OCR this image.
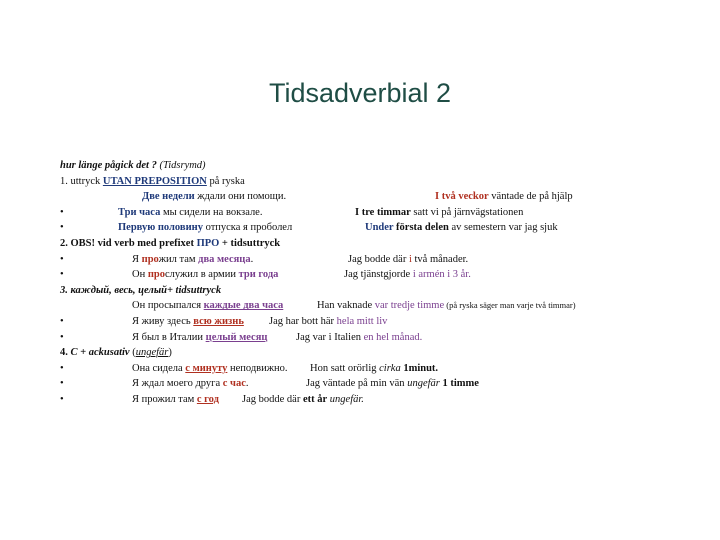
Tidsadverbial 2
hur länge pågick det ? (Tidsrymd)
1. uttryck UTAN PREPOSITION på ryska
Две недели ждали они помощи.	I två veckor väntade de på hjälp
•	Три часа мы сидели на вокзале.	I tre timmar satt vi på järnvägstationen
•	Первую половину отпуска я проболел	Under första delen av semestern var jag sjuk
2. OBS! vid verb med prefixet ПРО + tidsuttryck
•	Я прожил там два месяца.	Jag bodde där i två månader.
•	Он прослужил в армии три года	Jag tjänstgjorde i armén i 3 år.
3. каждый, весь, целый+ tidsuttryck
Он просыпался каждые два часа	Han vaknade var tredje timme (på ryska säger man varje två timmar)
•	Я живу здесь всю жизнь Jag har bott här hela mitt liv
•	Я был в Италии целый месяц	Jag var i Italien en hel månad.
4. С + ackusativ (ungefär)
•	Она сидела с минуту неподвижно. Hon satt orörlig cirka 1minut.
•	Я ждал моего друга с час.	Jag väntade på min vän ungefär 1 timme
•	Я прожил там с год Jag bodde där ett år ungefär.
